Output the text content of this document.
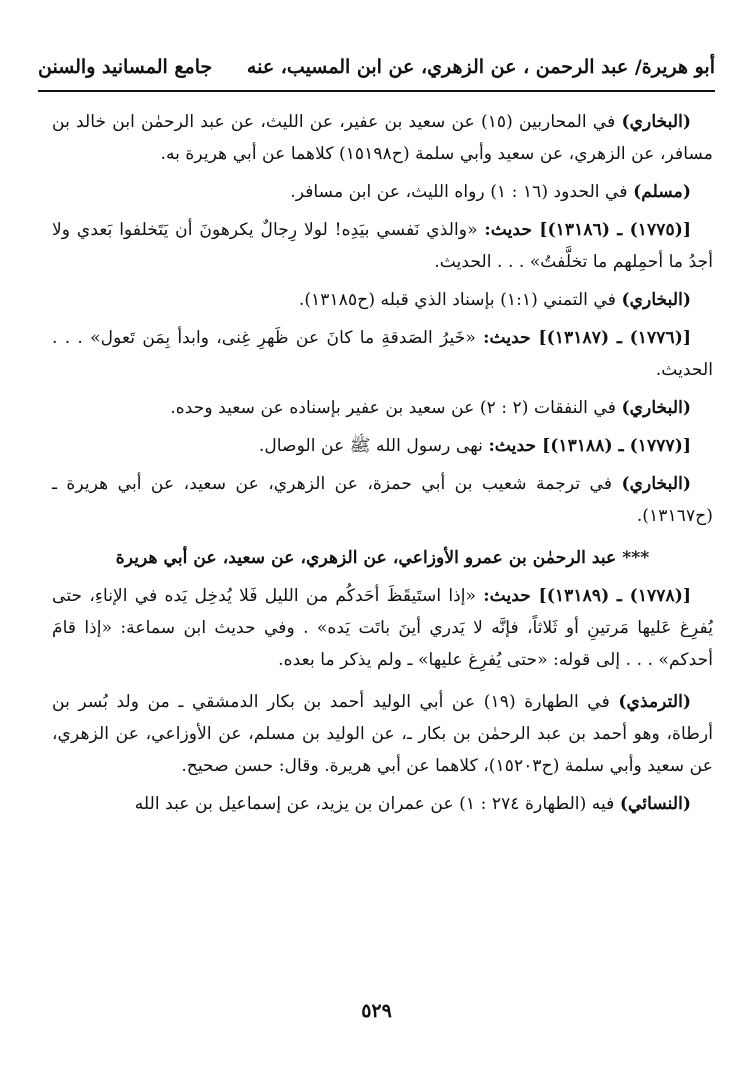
أبو هريرة/ عبد الرحمن ، عن الزهري، عن ابن المسيب، عنه
جامع المسانيد والسنن

(البخاري) في المحاربين (١٥) عن سعيد بن عفير، عن الليث، عن عبد الرحمٰن ابن خالد بن مسافر، عن الزهري، عن سعيد وأبي سلمة (ح١٥١٩٨) كلاهما عن أبي هريرة به.

(مسلم) في الحدود (١٦ : ١) رواه الليث، عن ابن مسافر.

[(١٧٧٥) ـ (١٣١٨٦)] حديث: «والذي نَفسي بيَدِه! لولا رِجالٌ يكرهونَ أن يَتَخلفوا بَعدي ولا أجدُ ما أحمِلهم ما تخلَّفتُ» . . . الحديث.

(البخاري) في التمني (١:١) بإسناد الذي قبله (ح١٣١٨٥).

[(١٧٧٦) ـ (١٣١٨٧)] حديث: «خَيرُ الصَدقةِ ما كانَ عن ظَهرِ غِنى، وابدأ بِمَن تَعول» . . . الحديث.

(البخاري) في النفقات (٢ : ٢) عن سعيد بن عفير بإسناده عن سعيد وحده.

[(١٧٧٧) ـ (١٣١٨٨)] حديث: نهى رسول الله ﷺ عن الوصال.

(البخاري) في ترجمة شعيب بن أبي حمزة، عن الزهري، عن سعيد، عن أبي هريرة ـ (ح١٣١٦٧).

*** عبد الرحمٰن بن عمرو الأوزاعي، عن الزهري، عن سعيد، عن أبي هريرة

[(١٧٧٨) ـ (١٣١٨٩)] حديث: «إذا استَيقَظَ أحَدكُم من الليل فَلا يُدخِل يَده في الإناءِ، حتى يُفرِغ عَليها مَرتينِ أو ثَلاثاً، فإنَّه لا يَدري أينَ باتَت يَده» . وفي حديث ابن سماعة: «إذا قامَ أحدكم» . . . إلى قوله: «حتى يُفرِغ عليها» ـ ولم يذكر ما بعده.

(الترمذي) في الطهارة (١٩) عن أبي الوليد أحمد بن بكار الدمشقي ـ من ولد بُسر بن أرطاة، وهو أحمد بن عبد الرحمٰن بن بكار ـ، عن الوليد بن مسلم، عن الأوزاعي، عن الزهري، عن سعيد وأبي سلمة (ح١٥٢٠٣)، كلاهما عن أبي هريرة. وقال: حسن صحيح.

(النسائي) فيه (الطهارة ٢٧٤ : ١) عن عمران بن يزيد، عن إسماعيل بن عبد الله

٥٢٩
